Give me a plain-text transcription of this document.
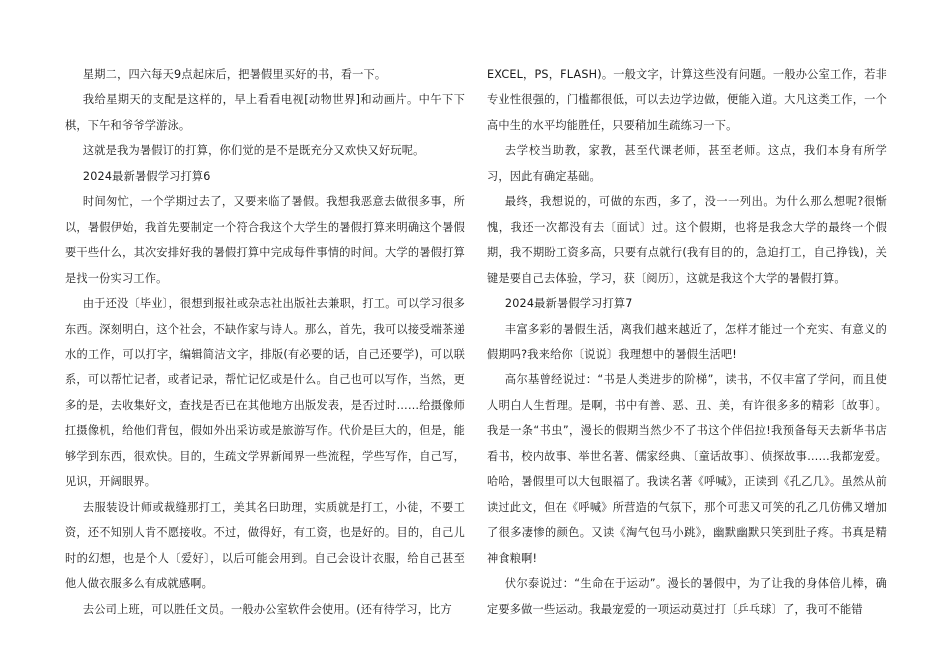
星期二，四六每天9点起床后，把暑假里买好的书，看一下。

我给星期天的支配是这样的，早上看看电视[动物世界]和动画片。中午下下棋，下午和爷爷学游泳。

这就是我为暑假订的打算，你们觉的是不是既充分又欢快又好玩呢。

2024最新暑假学习打算6

时间匆忙，一个学期过去了，又要来临了暑假。我想我恶意去做很多事，所以，暑假伊始，我首先要制定一个符合我这个大学生的暑假打算来明确这个暑假要干些什么，其次安排好我的暑假打算中完成每件事情的时间。大学的暑假打算是找一份实习工作。

由于还没〔毕业〕，很想到报社或杂志社出版社去兼职，打工。可以学习很多东西。深刻明白，这个社会，不缺作家与诗人。那么，首先，我可以接受端茶递水的工作，可以打字，编辑简洁文字，排版(有必要的话，自己还要学)，可以联系，可以帮忙记者，或者记录，帮忙记忆或是什么。自己也可以写作，当然，更多的是，去收集好文，查找是否已在其他地方出版发表，是否过时……给摄像师扛摄像机，给他们背包，假如外出采访或是旅游写作。代价是巨大的，但是，能够学到东西，很欢快。目的，生疏文学界新闻界一些流程，学些写作，自己写，见识，开阔眼界。

去服装设计师或裁缝那打工，美其名曰助理，实质就是打工，小徒，不要工资，还不知别人肯不愿接收。不过，做得好，有工资，也是好的。目的，自己儿时的幻想，也是个人〔爱好〕，以后可能会用到。自己会设计衣服，给自己甚至他人做衣服多么有成就感啊。

去公司上班，可以胜任文员。一般办公室软件会使用。(还有待学习，比方

EXCEL，PS，FLASH)。一般文字，计算这些没有问题。一般办公室工作，若非专业性很强的，门槛都很低，可以去边学边做，便能入道。大凡这类工作，一个高中生的水平均能胜任，只要稍加生疏练习一下。

去学校当助教，家教，甚至代课老师，甚至老师。这点，我们本身有所学习，因此有确定基础。

最终，我想说的，可做的东西，多了，没一一列出。为什么那么想呢?很惭愧，我还一次都没有去〔面试〕过。这个假期，也将是我念大学的最终一个假期，我不期盼工资多高，只要有点就行(我有目的的，急迫打工，自己挣钱)，关键是要自己去体验，学习，获〔阅历〕，这就是我这个大学的暑假打算。

2024最新暑假学习打算7

丰富多彩的暑假生活，离我们越来越近了，怎样才能过一个充实、有意义的假期吗?我来给你〔说说〕我理想中的暑假生活吧!

高尔基曾经说过：“书是人类进步的阶梯”，读书，不仅丰富了学问，而且使人明白人生哲理。是啊，书中有善、恶、丑、美，有许很多多的精彩〔故事〕。我是一条“书虫”，漫长的假期当然少不了书这个伴侣拉!我预备每天去新华书店看书，校内故事、举世名著、儒家经典、〔童话故事〕、侦探故事……我都宠爱。哈哈，暑假里可以大包眼福了。我读名著《呼喊》，正读到《孔乙几》。虽然从前读过此文，但在《呼喊》所营造的气氛下，那个可悲又可笑的孔乙几仿佛又增加了很多凄惨的颜色。又读《淘气包马小跳》，幽默幽默只笑到肚子疼。书真是精神食粮啊!

伏尔泰说过：“生命在于运动”。漫长的暑假中，为了让我的身体倍儿棒，确定要多做一些运动。我最宠爱的一项运动莫过打〔乒乓球〕了，我可不能错
